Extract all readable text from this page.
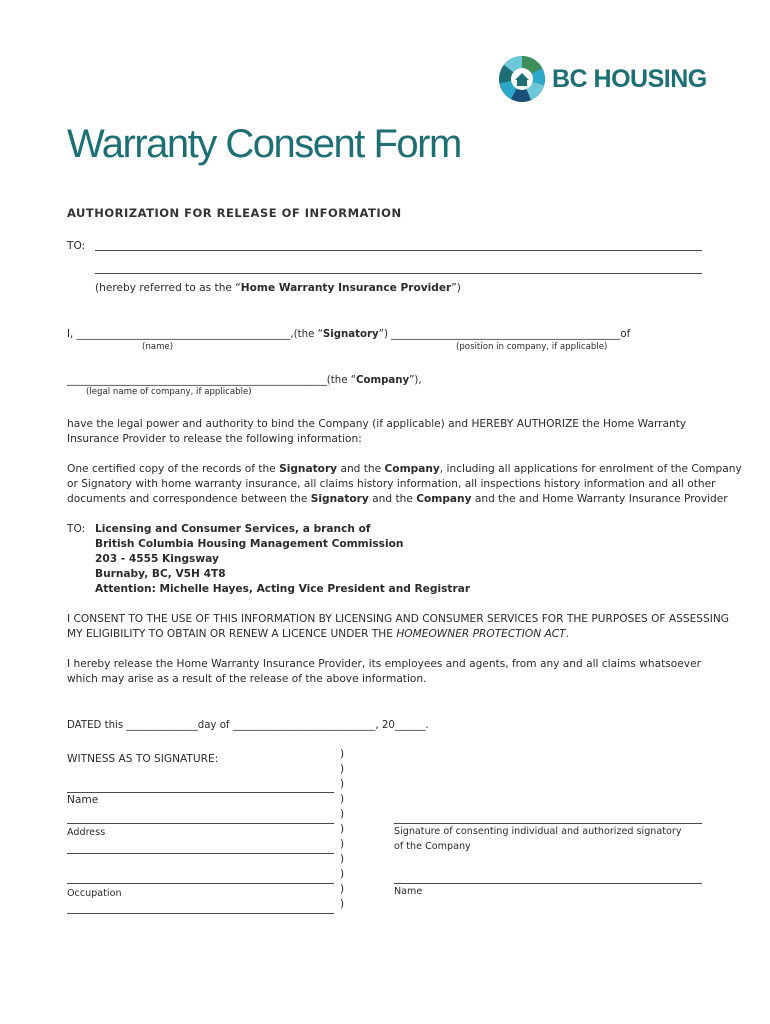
BC HOUSING
Warranty Consent Form
AUTHORIZATION FOR RELEASE OF INFORMATION
TO:
(hereby referred to as the “Home Warranty Insurance Provider”)
I, __________________________________________,(the “Signatory”) _____________________________________________of
(name)	(position in company, if applicable)
___________________________________________________(the “Company”),
(legal name of company, if applicable)
have the legal power and authority to bind the Company (if applicable) and HEREBY AUTHORIZE the Home Warranty
Insurance Provider to release the following information:
One certified copy of the records of the Signatory and the Company, including all applications for enrolment of the Company
or Signatory with home warranty insurance, all claims history information, all inspections history information and all other
documents and correspondence between the Signatory and the Company and the and Home Warranty Insurance Provider
TO: Licensing and Consumer Services, a branch of
British Columbia Housing Management Commission
203 - 4555 Kingsway
Burnaby, BC, V5H 4T8
Attention: Michelle Hayes, Acting Vice President and Registrar
I CONSENT TO THE USE OF THIS INFORMATION BY LICENSING AND CONSUMER SERVICES FOR THE PURPOSES OF ASSESSING
MY ELIGIBILITY TO OBTAIN OR RENEW A LICENCE UNDER THE HOMEOWNER PROTECTION ACT.
I hereby release the Home Warranty Insurance Provider, its employees and agents, from any and all claims whatsoever
which may arise as a result of the release of the above information.
DATED this ______________day of ____________________________, 20______.
WITNESS AS TO SIGNATURE:
Name
Address
Occupation
)
)
)
)
)
)
)
)
)
)
)
Signature of consenting individual and authorized signatory
of the Company
Name
